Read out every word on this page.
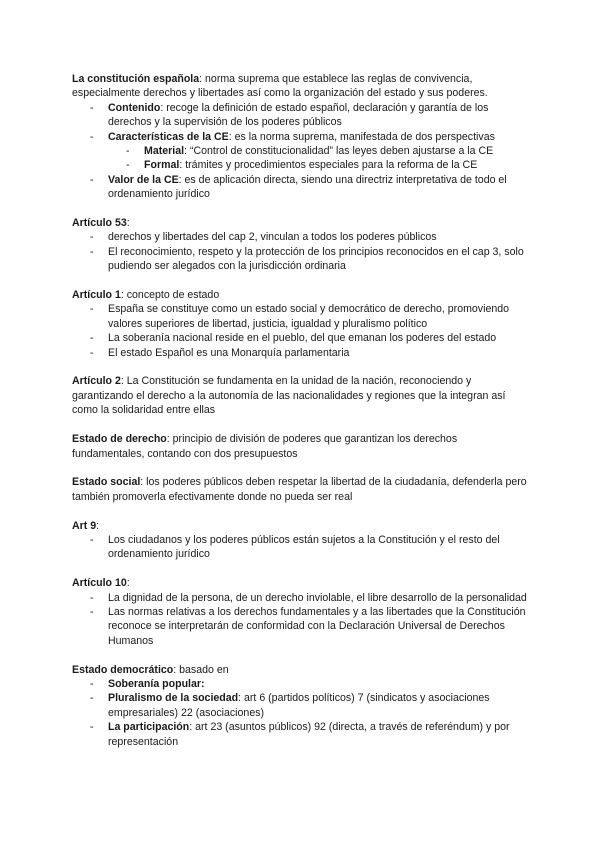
La constitución española: norma suprema que establece las reglas de convivencia, especialmente derechos y libertades así como la organización del estado y sus poderes.

- Contenido: recoge la definición de estado español, declaración y garantía de los derechos y la supervisión de los poderes públicos
- Características de la CE: es la norma suprema, manifestada de dos perspectivas
- Material: “Control de constitucionalidad” las leyes deben ajustarse a la CE
- Formal: trámites y procedimientos especiales para la reforma de la CE
- Valor de la CE: es de aplicación directa, siendo una directriz interpretativa de todo el ordenamiento jurídico

Artículo 53:

- derechos y libertades del cap 2, vinculan a todos los poderes públicos
- El reconocimiento, respeto y la protección de los principios reconocidos en el cap 3, solo pudiendo ser alegados con la jurisdicción ordinaria

Artículo 1: concepto de estado

- España se constituye como un estado social y democrático de derecho, promoviendo valores superiores de libertad, justicia, igualdad y pluralismo político
- La soberanía nacional reside en el pueblo, del que emanan los poderes del estado
- El estado Español es una Monarquía parlamentaria

Artículo 2: La Constitución se fundamenta en la unidad de la nación, reconociendo y garantizando el derecho a la autonomía de las nacionalidades y regiones que la integran así como la solidaridad entre ellas

Estado de derecho: principio de división de poderes que garantizan los derechos fundamentales, contando con dos presupuestos

Estado social: los poderes públicos deben respetar la libertad de la ciudadanía, defenderla pero también promoverla efectivamente donde no pueda ser real

Art 9:

- Los ciudadanos y los poderes públicos están sujetos a la Constitución y el resto del ordenamiento jurídico

Artículo 10:

- La dignidad de la persona, de un derecho inviolable, el libre desarrollo de la personalidad
- Las normas relativas a los derechos fundamentales y a las libertades que la Constitución reconoce se interpretarán de conformidad con la Declaración Universal de Derechos Humanos

Estado democrático: basado en

- Soberanía popular:
- Pluralismo de la sociedad: art 6 (partidos políticos) 7 (sindicatos y asociaciones empresariales) 22 (asociaciones)
- La participación: art 23 (asuntos públicos) 92 (directa, a través de referéndum) y por representación
